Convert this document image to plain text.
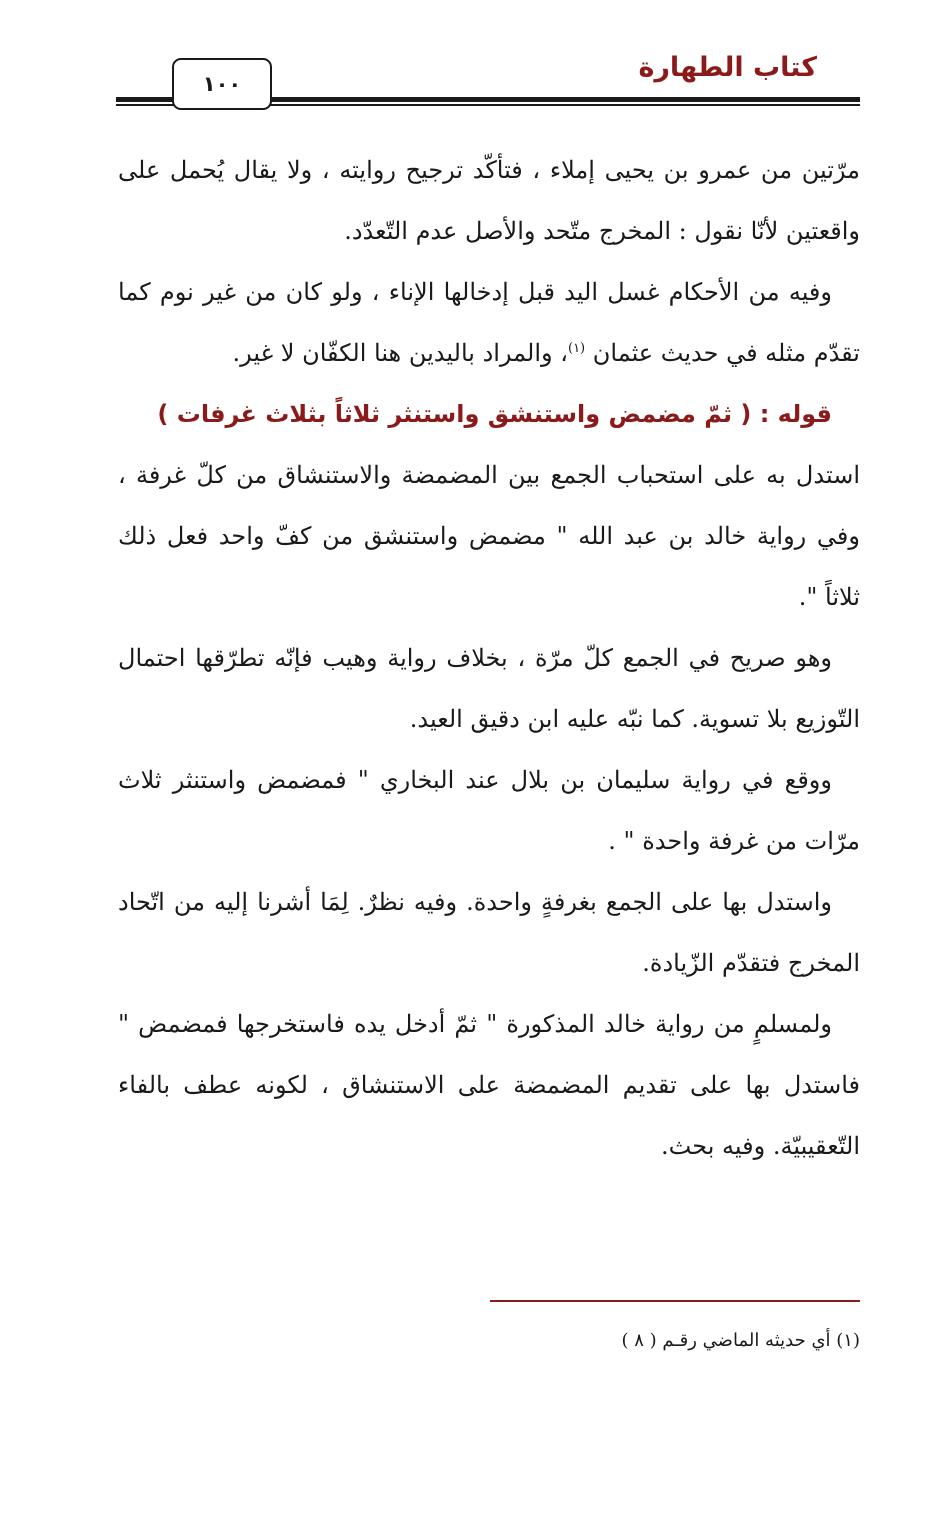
كتاب الطهارة
١٠٠

مرّتين من عمرو بن يحيى إملاء ، فتأكّد ترجيح روايته ، ولا يقال يُحمل على واقعتين لأنّا نقول : المخرج متّحد والأصل عدم التّعدّد.

وفيه من الأحكام غسل اليد قبل إدخالها الإناء ، ولو كان من غير نوم كما تقدّم مثله في حديث عثمان $^{(١)}$، والمراد باليدين هنا الكفّان لا غير.

قوله : ( ثمّ مضمض واستنشق واستنثر ثلاثاً بثلاث غرفات )

استدل به على استحباب الجمع بين المضمضة والاستنشاق من كلّ غرفة ، وفي رواية خالد بن عبد الله " مضمض واستنشق من كفّ واحد فعل ذلك ثلاثاً ".

وهو صريح في الجمع كلّ مرّة ، بخلاف رواية وهيب فإنّه تطرّقها احتمال التّوزيع بلا تسوية. كما نبّه عليه ابن دقيق العيد.

ووقع في رواية سليمان بن بلال عند البخاري " فمضمض واستنثر ثلاث مرّات من غرفة واحدة " .

واستدل بها على الجمع بغرفةٍ واحدة. وفيه نظرٌ. لِمَا أشرنا إليه من اتّحاد المخرج فتقدّم الزّيادة.

ولمسلمٍ من رواية خالد المذكورة " ثمّ أدخل يده فاستخرجها فمضمض " فاستدل بها على تقديم المضمضة على الاستنشاق ، لكونه عطف بالفاء التّعقيبيّة. وفيه بحث.

(١) أي حديثه الماضي رقـم ( ٨ )
